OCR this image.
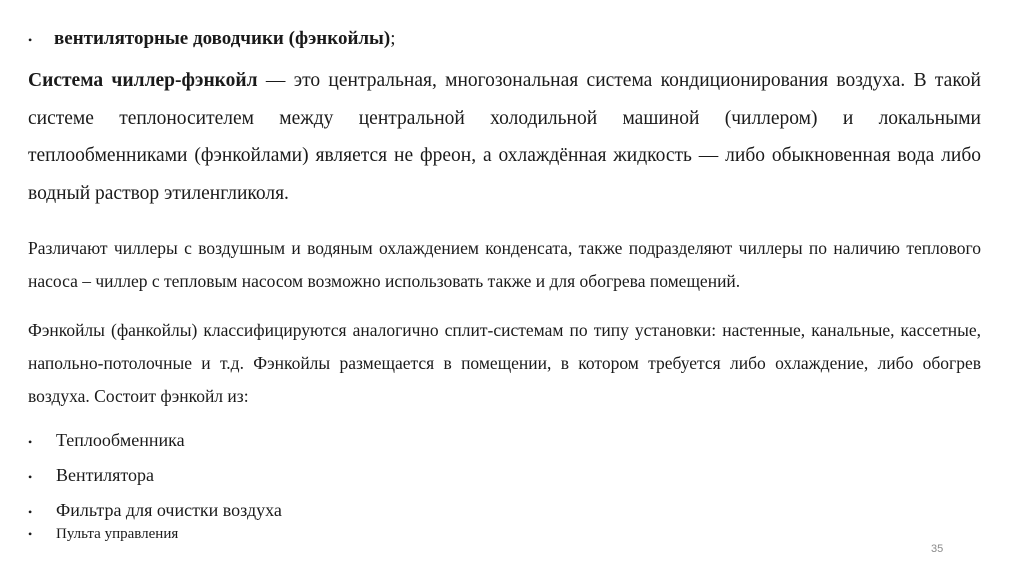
•	вентиляторные доводчики (фэнкойлы);

Система чиллер-фэнкойл — это центральная, многозональная система кондиционирования воздуха. В такой системе теплоносителем между центральной холодильной машиной (чиллером) и локальными теплообменниками (фэнкойлами) является не фреон, а охлаждённая жидкость — либо обыкновенная вода либо водный раствор этиленгликоля.

Различают чиллеры с воздушным и водяным охлаждением конденсата, также подразделяют чиллеры по наличию теплового насоса – чиллер с тепловым насосом возможно использовать также и для обогрева помещений.

Фэнкойлы (фанкойлы) классифицируются аналогично сплит-системам по типу установки: настенные, канальные, кассетные, напольно-потолочные и т.д. Фэнкойлы размещается в помещении, в котором требуется либо охлаждение, либо обогрев воздуха. Состоит фэнкойл из:

•	Теплообменника
•	Вентилятора
•	Фильтра для очистки воздуха
•	Пульта управления
35
